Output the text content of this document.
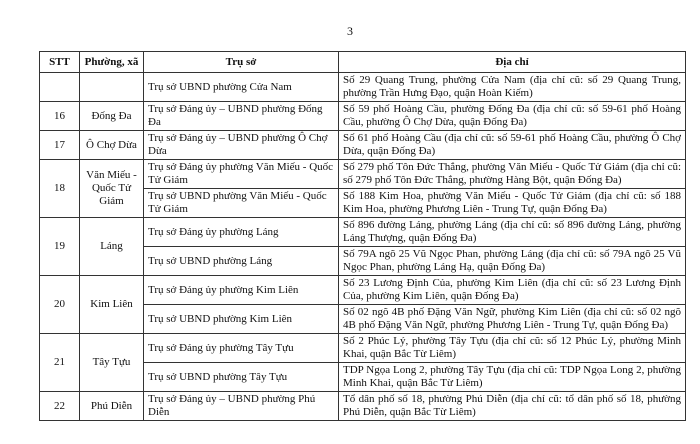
3
STT	Phường, xã	Trụ sở	Địa chỉ
		Trụ sở UBND phường Cửa Nam	Số 29 Quang Trung, phường Cửa Nam (địa chỉ cũ: số 29 Quang Trung, phường Trần Hưng Đạo, quận Hoàn Kiếm)
16	Đống Đa	Trụ sở Đảng ủy – UBND phường Đống Đa	Số 59 phố Hoàng Cầu, phường Đống Đa (địa chỉ cũ: số 59-61 phố Hoàng Cầu, phường Ô Chợ Dừa, quận Đống Đa)
17	Ô Chợ Dừa	Trụ sở Đảng ủy – UBND phường Ô Chợ Dừa	Số 61 phố Hoàng Cầu (địa chỉ cũ: số 59-61 phố Hoàng Cầu, phường Ô Chợ Dừa, quận Đống Đa)
18	Văn Miếu - Quốc Tử Giám	Trụ sở Đảng ủy phường Văn Miếu - Quốc Tử Giám	Số 279 phố Tôn Đức Thắng, phường Văn Miếu - Quốc Tử Giám (địa chỉ cũ: số 279 phố Tôn Đức Thắng, phường Hàng Bột, quận Đống Đa)
		Trụ sở UBND phường Văn Miếu - Quốc Tử Giám	Số 188 Kim Hoa, phường Văn Miếu - Quốc Tử Giám (địa chỉ cũ: số 188 Kim Hoa, phường Phương Liên - Trung Tự, quận Đống Đa)
19	Láng	Trụ sở Đảng ủy phường Láng	Số 896 đường Láng, phường Láng (địa chỉ cũ: số 896 đường Láng, phường Láng Thượng, quận Đống Đa)
		Trụ sở UBND phường Láng	Số 79A ngõ 25 Vũ Ngọc Phan, phường Láng (địa chỉ cũ: số 79A ngõ 25 Vũ Ngọc Phan, phường Láng Hạ, quận Đống Đa)
20	Kim Liên	Trụ sở Đảng ủy phường Kim Liên	Số 23 Lương Định Của, phường Kim Liên (địa chỉ cũ: số 23 Lương Định Của, phường Kim Liên, quận Đống Đa)
		Trụ sở UBND phường Kim Liên	Số 02 ngõ 4B phố Đặng Văn Ngữ, phường Kim Liên (địa chỉ cũ: số 02 ngõ 4B phố Đặng Văn Ngữ, phường Phương Liên - Trung Tự, quận Đống Đa)
21	Tây Tựu	Trụ sở Đảng ủy phường Tây Tựu	Số 2 Phúc Lý, phường Tây Tựu (địa chỉ cũ: số 12 Phúc Lý, phường Minh Khai, quận Bắc Từ Liêm)
		Trụ sở UBND phường Tây Tựu	TDP Ngọa Long 2, phường Tây Tựu (địa chỉ cũ: TDP Ngọa Long 2, phường Minh Khai, quận Bắc Từ Liêm)
22	Phú Diễn	Trụ sở Đảng ủy – UBND phường Phú Diễn	Tổ dân phố số 18, phường Phú Diễn (địa chỉ cũ: tổ dân phố số 18, phường Phú Diễn, quận Bắc Từ Liêm)
